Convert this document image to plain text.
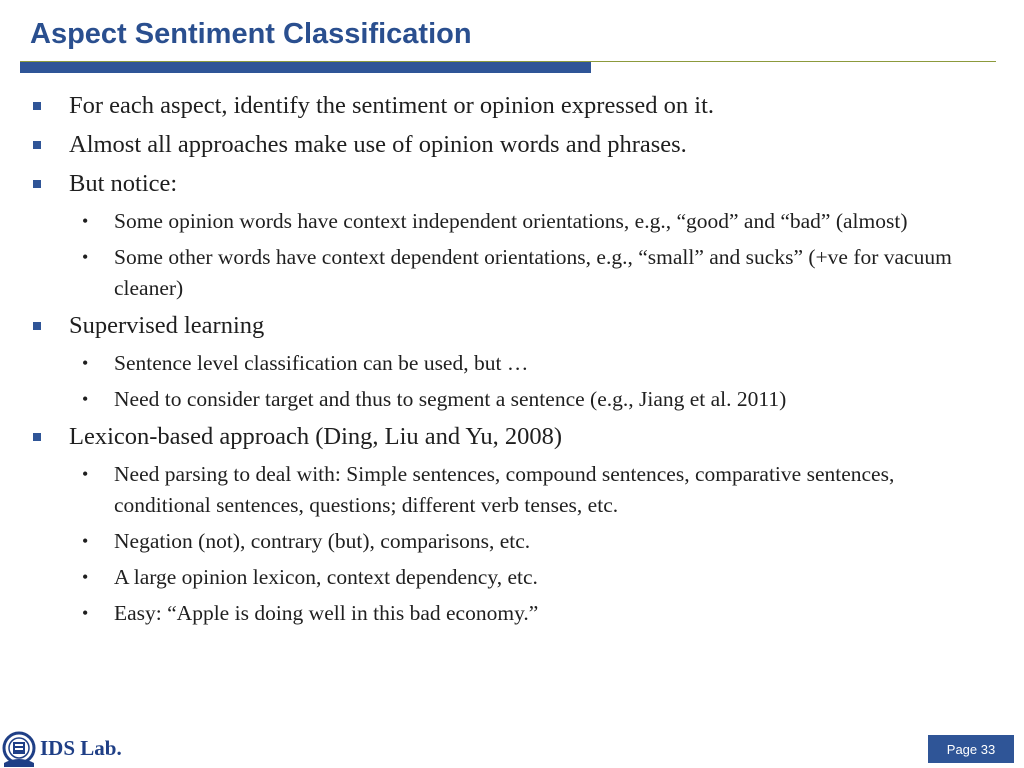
Aspect Sentiment Classification
For each aspect, identify the sentiment or opinion expressed on it.
Almost all approaches make use of opinion words and phrases.
But notice:
• Some opinion words have context independent orientations, e.g., “good” and “bad” (almost)
• Some other words have context dependent orientations, e.g., “small” and sucks” (+ve for vacuum cleaner)
Supervised learning
• Sentence level classification can be used, but …
• Need to consider target and thus to segment a sentence (e.g., Jiang et al. 2011)
Lexicon-based approach (Ding, Liu and Yu, 2008)
• Need parsing to deal with: Simple sentences, compound sentences, comparative sentences, conditional sentences, questions; different verb tenses, etc.
• Negation (not), contrary (but), comparisons, etc.
• A large opinion lexicon, context dependency, etc.
• Easy: “Apple is doing well in this bad economy.”
IDS Lab.	Page 33
